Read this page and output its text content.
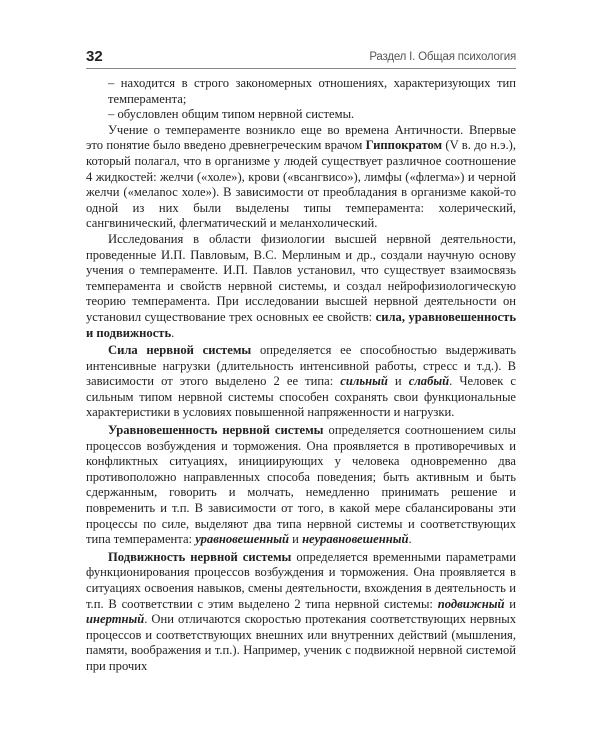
32	Раздел I. Общая психология

– находится в строго закономерных отношениях, характеризующих тип темперамента;

– обусловлен общим типом нервной системы.

Учение о темпераменте возникло еще во времена Античности. Впервые это понятие было введено древнегреческим врачом Гиппократом (V в. до н.э.), который полагал, что в организме у людей существует различное соотношение 4 жидкостей: желчи («холе»), крови («всангвисо»), лимфы («флегма») и черной желчи («мелаnос холе»). В зависимости от преобладания в организме какой-то одной из них были выделены типы темперамента: холерический, сангвинический, флегматический и меланхолический.

Исследования в области физиологии высшей нервной деятельности, проведенные И.П. Павловым, В.С. Мерлиным и др., создали научную основу учения о темпераменте. И.П. Павлов установил, что существует взаимосвязь темперамента и свойств нервной системы, и создал нейрофизиологическую теорию темперамента. При исследовании высшей нервной деятельности он установил существование трех основных ее свойств: сила, уравновешенность и подвижность.

Сила нервной системы определяется ее способностью выдерживать интенсивные нагрузки (длительность интенсивной работы, стресс и т.д.). В зависимости от этого выделено 2 ее типа: сильный и слабый. Человек с сильным типом нервной системы способен сохранять свои функциональные характеристики в условиях повышенной напряженности и нагрузки.

Уравновешенность нервной системы определяется соотношением силы процессов возбуждения и торможения. Она проявляется в противоречивых и конфликтных ситуациях, инициирующих у человека одновременно два противоположно направленных способа поведения; быть активным и быть сдержанным, говорить и молчать, немедленно принимать решение и повременить и т.п. В зависимости от того, в какой мере сбалансированы эти процессы по силе, выделяют два типа нервной системы и соответствующих типа темперамента: уравновешенный и неуравновешенный.

Подвижность нервной системы определяется временными параметрами функционирования процессов возбуждения и торможения. Она проявляется в ситуациях освоения навыков, смены деятельности, вхождения в деятельность и т.п. В соответствии с этим выделено 2 типа нервной системы: подвижный и инертный. Они отличаются скоростью протекания соответствующих нервных процессов и соответствующих внешних или внутренних действий (мышления, памяти, воображения и т.п.). Например, ученик с подвижной нервной системой при прочих
